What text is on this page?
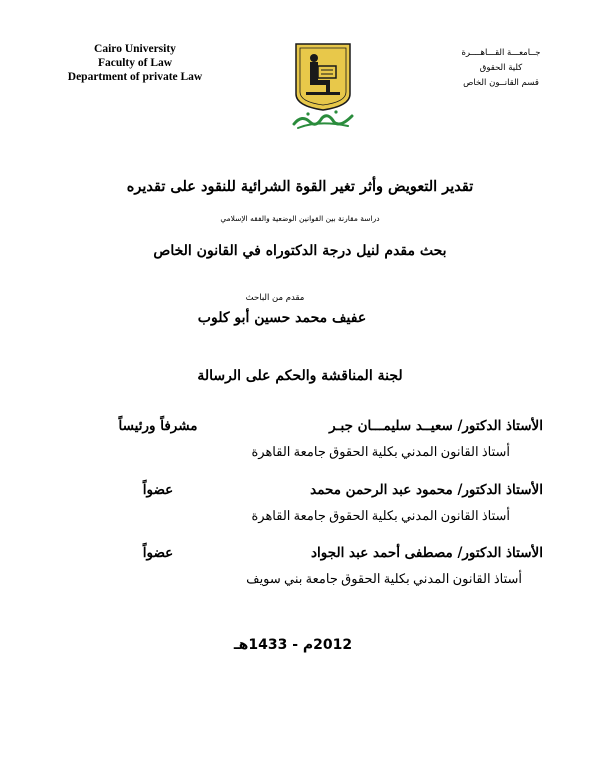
Cairo University
Faculty of Law
Department of private Law
جــامعـــة القـــاهــــرة
كلية الحقوق
قسم القانــون الخاص
تقدير التعويض وأثر تغير القوة الشرائية للنقود على تقديره
دراسة مقارنة بين القوانين الوضعية والفقه الإسلامي
بحث مقدم لنيل درجة الدكتوراه في القانون الخاص
مقدم من الباحث
عفيف محمد حسين أبو كلوب
لجنة المناقشة والحكم على الرسالة
الأستاذ الدكتور/ سعيــد سليمـــان جبـر
مشرفاً ورئيساً
أستاذ القانون المدني بكلية الحقوق جامعة القاهرة
الأستاذ الدكتور/ محمود عبد الرحمن محمد
عضواً
أستاذ القانون المدني بكلية الحقوق جامعة القاهرة
الأستاذ الدكتور/ مصطفى أحمد عبد الجواد
عضواً
أستاذ القانون المدني بكلية الحقوق جامعة بني سويف
2012م - 1433هـ
